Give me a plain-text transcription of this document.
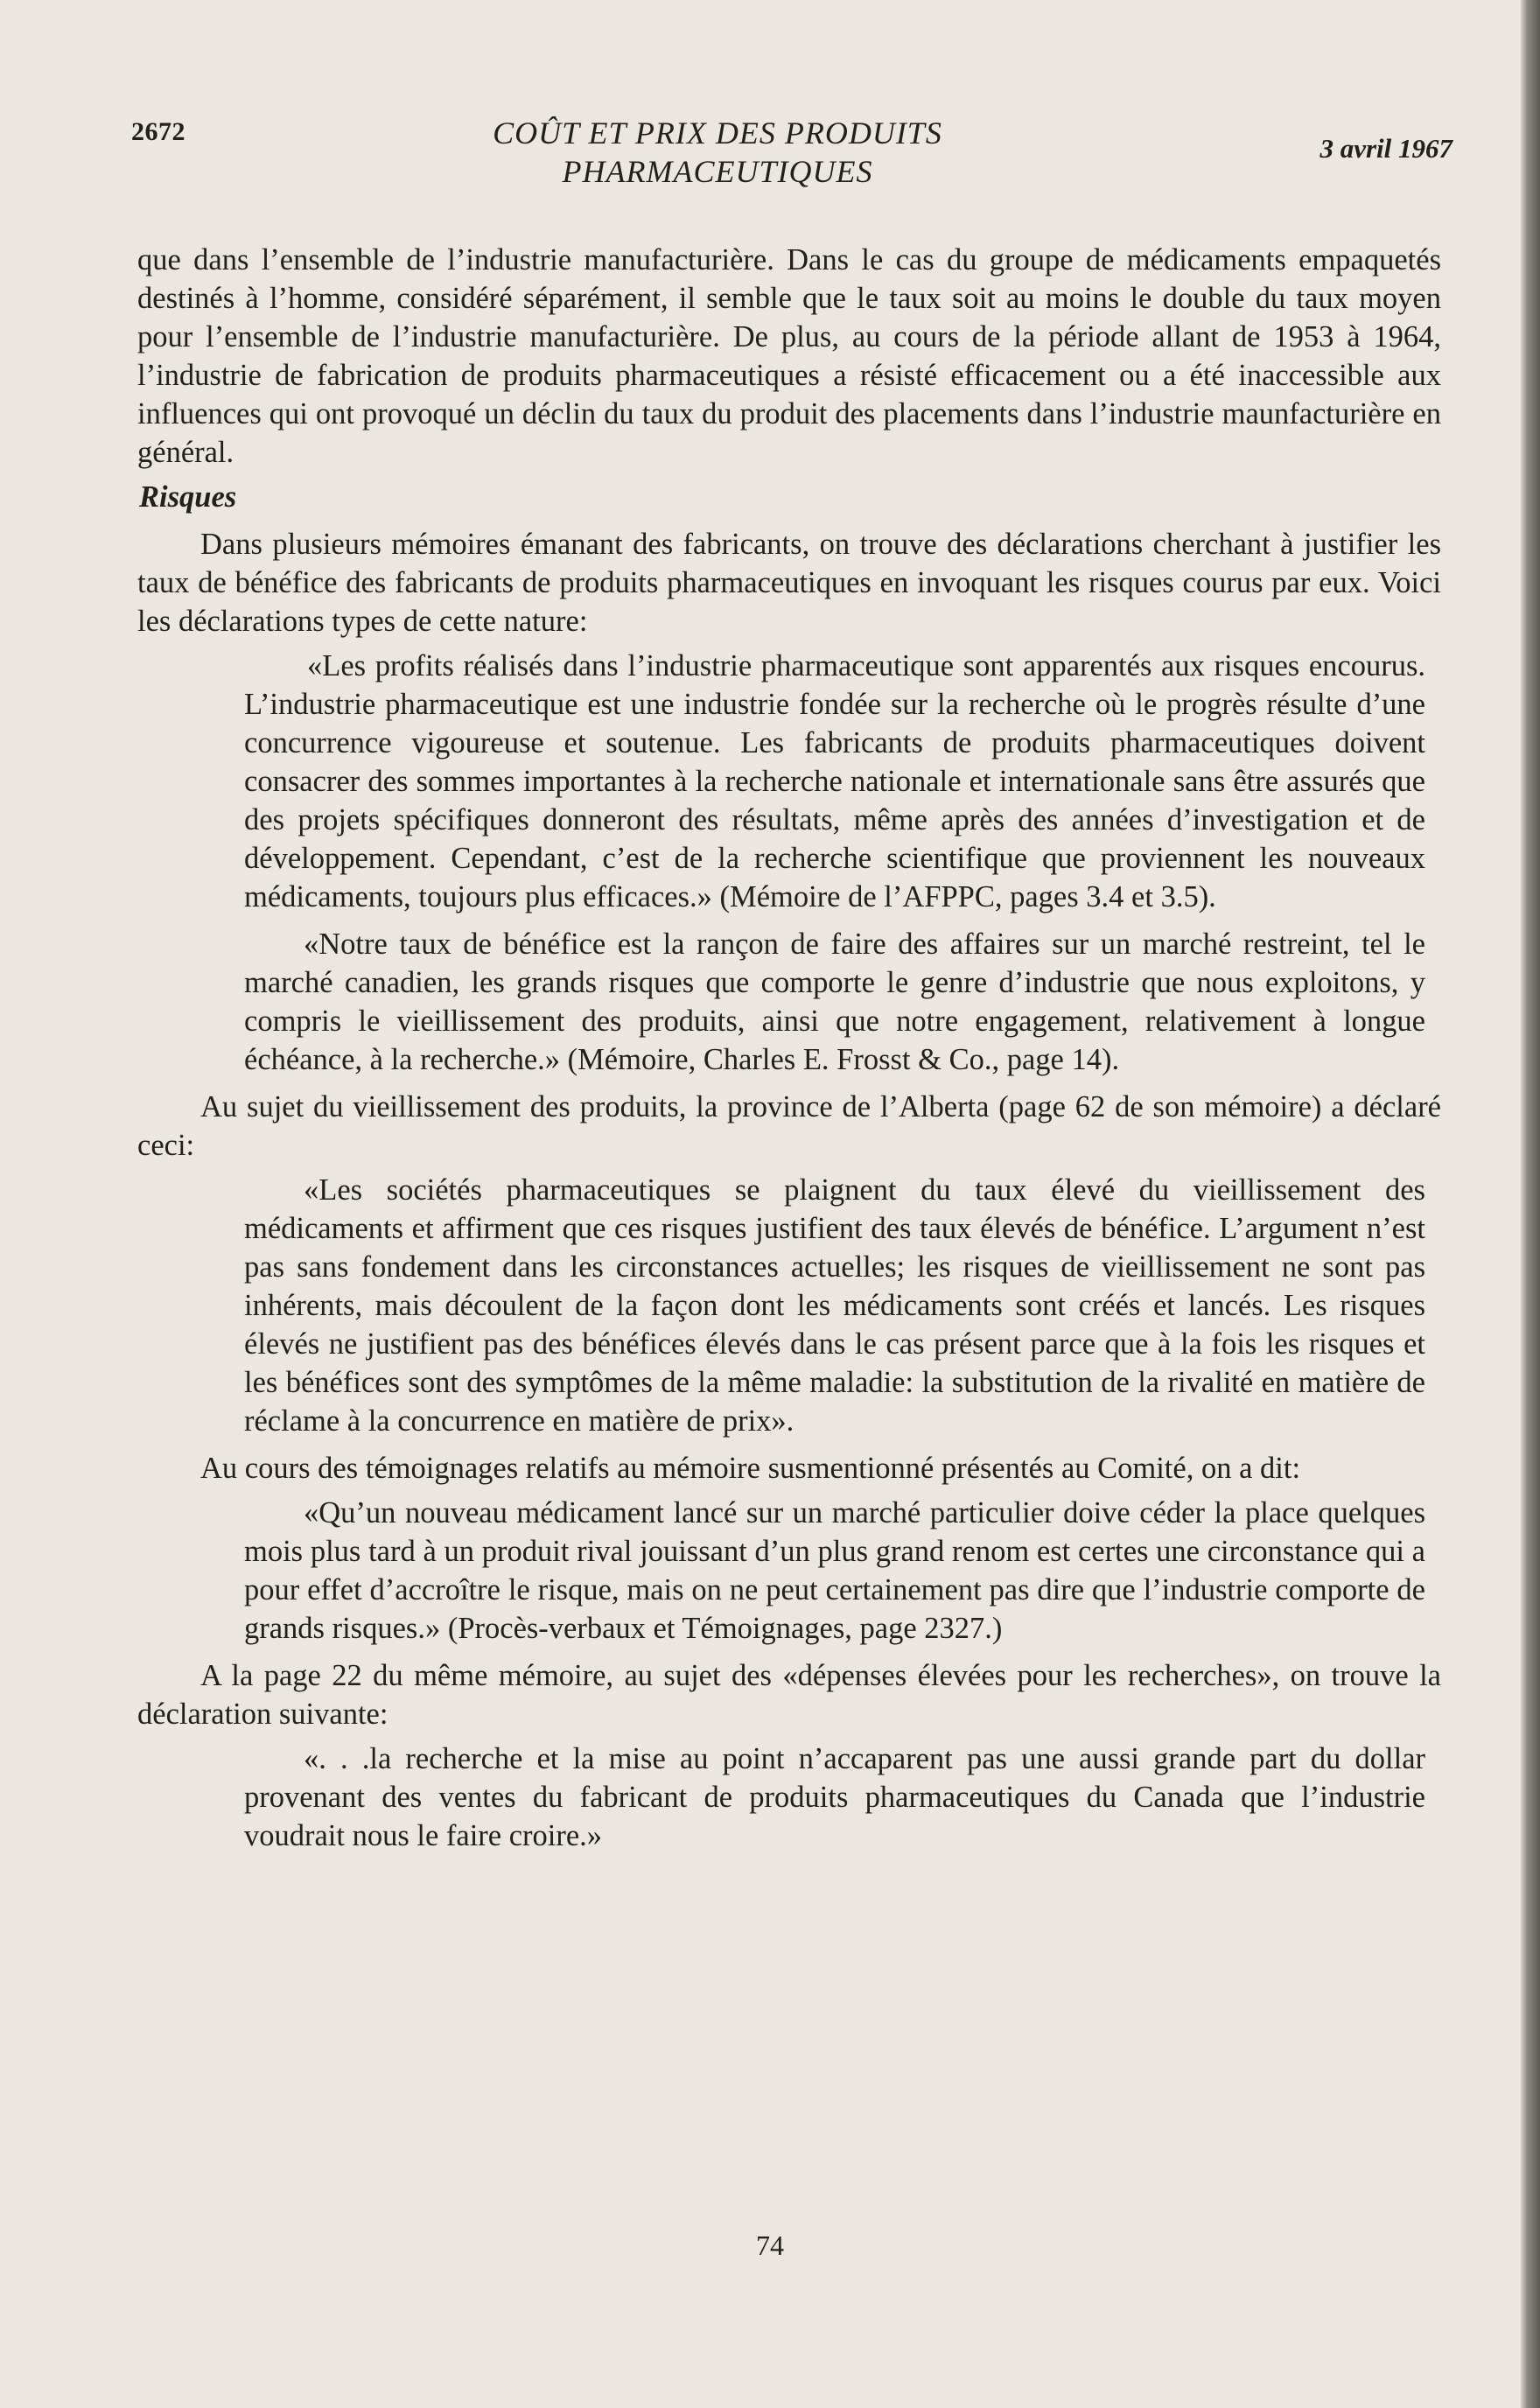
2672	COÛT ET PRIX DES PRODUITS
PHARMACEUTIQUES
3 avril 1967

que dans l’ensemble de l’industrie manufacturière. Dans le cas du groupe de médicaments empaquetés destinés à l’homme, considéré séparément, il semble que le taux soit au moins le double du taux moyen pour l’ensemble de l’industrie manufacturière. De plus, au cours de la période allant de 1953 à 1964, l’industrie de fabrication de produits pharmaceutiques a résisté efficacement ou a été inaccessible aux influences qui ont provoqué un déclin du taux du produit des placements dans l’industrie maunfacturière en général.

Risques

Dans plusieurs mémoires émanant des fabricants, on trouve des déclarations cherchant à justifier les taux de bénéfice des fabricants de produits pharmaceutiques en invoquant les risques courus par eux. Voici les déclarations types de cette nature:

«Les profits réalisés dans l’industrie pharmaceutique sont apparentés aux risques encourus. L’industrie pharmaceutique est une industrie fondée sur la recherche où le progrès résulte d’une concurrence vigoureuse et soutenue. Les fabricants de produits pharmaceutiques doivent consacrer des sommes importantes à la recherche nationale et internationale sans être assurés que des projets spécifiques donneront des résultats, même après des années d’investigation et de développement. Cependant, c’est de la recherche scientifique que proviennent les nouveaux médicaments, toujours plus efficaces.» (Mémoire de l’AFPPC, pages 3.4 et 3.5).

«Notre taux de bénéfice est la rançon de faire des affaires sur un marché restreint, tel le marché canadien, les grands risques que comporte le genre d’industrie que nous exploitons, y compris le vieillissement des produits, ainsi que notre engagement, relativement à longue échéance, à la recherche.» (Mémoire, Charles E. Frosst & Co., page 14).

Au sujet du vieillissement des produits, la province de l’Alberta (page 62 de son mémoire) a déclaré ceci:

«Les sociétés pharmaceutiques se plaignent du taux élevé du vieillissement des médicaments et affirment que ces risques justifient des taux élevés de bénéfice. L’argument n’est pas sans fondement dans les circonstances actuelles; les risques de vieillissement ne sont pas inhérents, mais découlent de la façon dont les médicaments sont créés et lancés. Les risques élevés ne justifient pas des bénéfices élevés dans le cas présent parce que à la fois les risques et les bénéfices sont des symptômes de la même maladie: la substitution de la rivalité en matière de réclame à la concurrence en matière de prix».

Au cours des témoignages relatifs au mémoire susmentionné présentés au Comité, on a dit:

«Qu’un nouveau médicament lancé sur un marché particulier doive céder la place quelques mois plus tard à un produit rival jouissant d’un plus grand renom est certes une circonstance qui a pour effet d’accroître le risque, mais on ne peut certainement pas dire que l’industrie comporte de grands risques.» (Procès-verbaux et Témoignages, page 2327.)

A la page 22 du même mémoire, au sujet des «dépenses élevées pour les recherches», on trouve la déclaration suivante:

«. . .la recherche et la mise au point n’accaparent pas une aussi grande part du dollar provenant des ventes du fabricant de produits pharmaceutiques du Canada que l’industrie voudrait nous le faire croire.»

74
